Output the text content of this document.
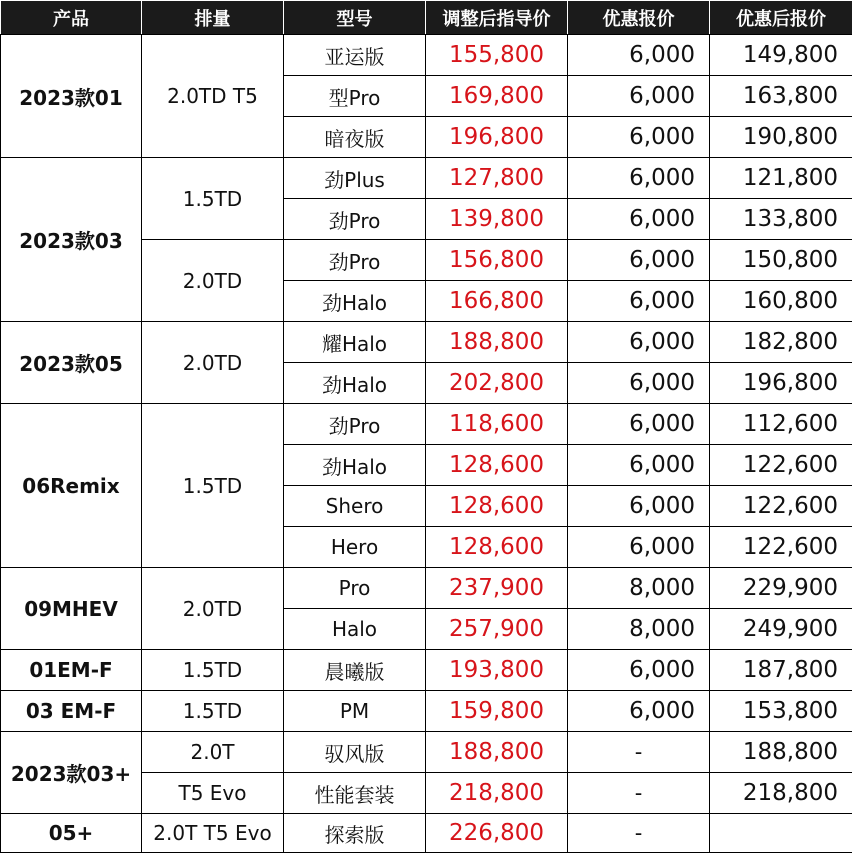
产品	排量	型号	调整后指导价	优惠报价	优惠后报价
2023款01	2.0TD T5	亚运版	155,800	6,000	149,800
		型Pro	169,800	6,000	163,800
		暗夜版	196,800	6,000	190,800
2023款03	1.5TD	劲Plus	127,800	6,000	121,800
		劲Pro	139,800	6,000	133,800
	2.0TD	劲Pro	156,800	6,000	150,800
		劲Halo	166,800	6,000	160,800
2023款05	2.0TD	耀Halo	188,800	6,000	182,800
		劲Halo	202,800	6,000	196,800
06Remix	1.5TD	劲Pro	118,600	6,000	112,600
		劲Halo	128,600	6,000	122,600
		Shero	128,600	6,000	122,600
		Hero	128,600	6,000	122,600
09MHEV	2.0TD	Pro	237,900	8,000	229,900
		Halo	257,900	8,000	249,900
01EM-F	1.5TD	晨曦版	193,800	6,000	187,800
03 EM-F	1.5TD	PM	159,800	6,000	153,800
2023款03+	2.0T	驭风版	188,800	-	188,800
	T5 Evo	性能套装	218,800	-	218,800
05+	2.0T T5 Evo	探索版	226,800	-	
